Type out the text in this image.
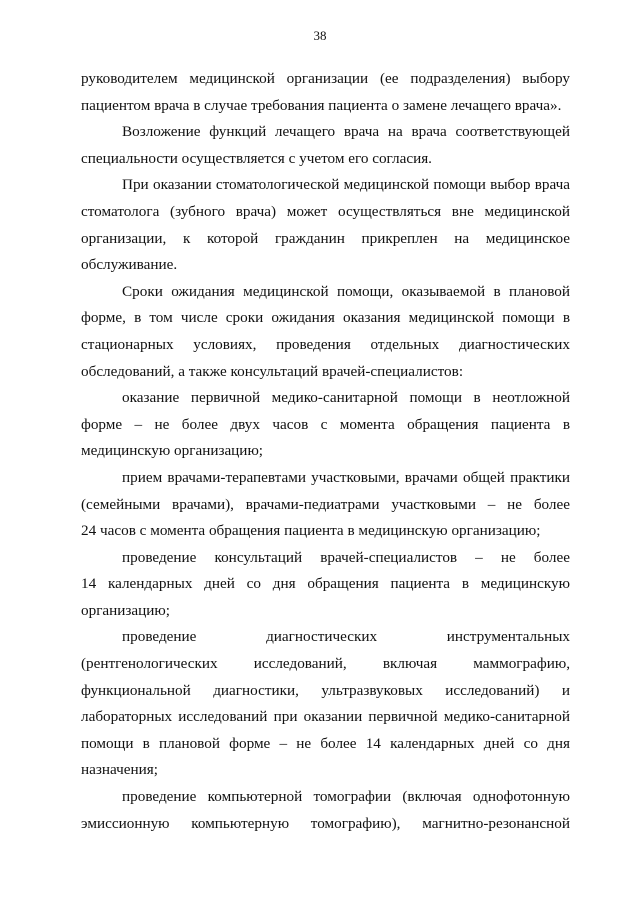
38
руководителем медицинской организации (ее подразделения) выбору
пациентом врача в случае требования пациента о замене лечащего врача».
Возложение функций лечащего врача на врача соответствующей
специальности осуществляется с учетом его согласия.
При оказании стоматологической медицинской помощи выбор врача
стоматолога (зубного врача) может осуществляться вне медицинской
организации, к которой гражданин прикреплен на медицинское
обслуживание.
Сроки ожидания медицинской помощи, оказываемой в плановой
форме, в том числе сроки ожидания оказания медицинской помощи в
стационарных условиях, проведения отдельных диагностических
обследований, а также консультаций врачей-специалистов:
оказание первичной медико-санитарной помощи в неотложной
форме – не более двух часов с момента обращения пациента в
медицинскую организацию;
прием врачами-терапевтами участковыми, врачами общей практики
(семейными врачами), врачами-педиатрами участковыми – не более
24 часов с момента обращения пациента в медицинскую организацию;
проведение консультаций врачей-специалистов – не более
14 календарных дней со дня обращения пациента в медицинскую
организацию;
проведение диагностических инструментальных
(рентгенологических исследований, включая маммографию,
функциональной диагностики, ультразвуковых исследований) и
лабораторных исследований при оказании первичной медико-санитарной
помощи в плановой форме – не более 14 календарных дней со дня
назначения;
проведение компьютерной томографии (включая однофотонную
эмиссионную компьютерную томографию), магнитно-резонансной
